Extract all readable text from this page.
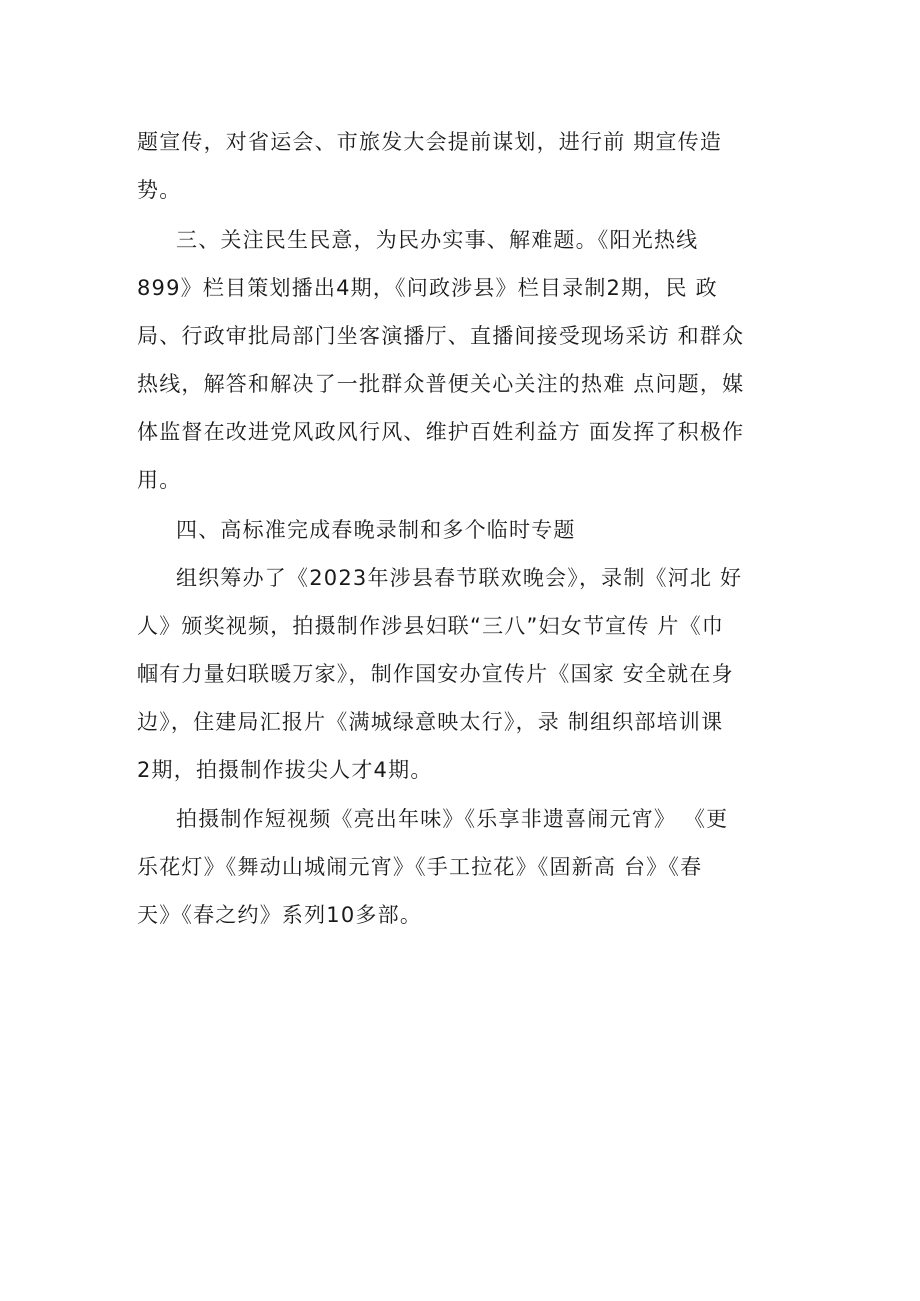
题宣传，对省运会、市旅发大会提前谋划，进行前 期宣传造
势。
三、关注民生民意，为民办实事、解难题。《阳光热线
899》栏目策划播出4期，《问政涉县》栏目录制2期，民 政
局、行政审批局部门坐客演播厅、直播间接受现场采访 和群众
热线，解答和解决了一批群众普便关心关注的热难 点问题，媒
体监督在改进党风政风行风、维护百姓利益方 面发挥了积极作
用。
四、高标准完成春晚录制和多个临时专题
组织筹办了《2023年涉县春节联欢晚会》，录制《河北 好
人》颁奖视频，拍摄制作涉县妇联“三八”妇女节宣传 片《巾
帼有力量妇联暖万家》，制作国安办宣传片《国家 安全就在身
边》，住建局汇报片《满城绿意映太行》，录 制组织部培训课
2期，拍摄制作拔尖人才4期。
拍摄制作短视频《亮出年味》《乐享非遗喜闹元宵》 《更
乐花灯》《舞动山城闹元宵》《手工拉花》《固新高 台》《春
天》《春之约》系列10多部。
